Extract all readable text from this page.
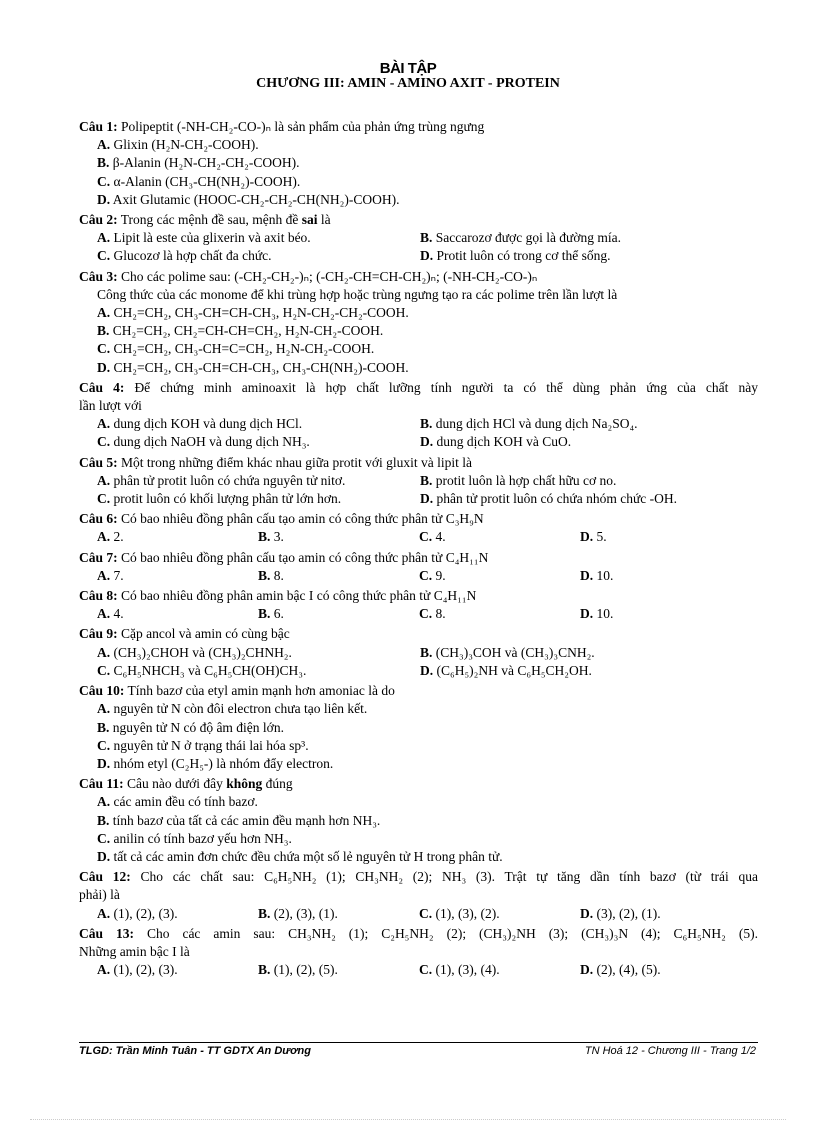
BÀI TẬP
CHƯƠNG III: AMIN - AMINO AXIT - PROTEIN
Câu 1: Polipeptit (-NH-CH₂-CO-)ₙ là sản phẩm của phản ứng trùng ngưng
A. Glixin (H₂N-CH₂-COOH).
B. β-Alanin (H₂N-CH₂-CH₂-COOH).
C. α-Alanin (CH₃-CH(NH₂)-COOH).
D. Axit Glutamic (HOOC-CH₂-CH₂-CH(NH₂)-COOH).
Câu 2: Trong các mệnh đề sau, mệnh đề sai là
A. Lipit là este của glixerin và axit béo.	B. Saccarozơ được gọi là đường mía.
C. Glucozơ là hợp chất đa chức.	D. Protit luôn có trong cơ thể sống.
Câu 3: Cho các polime sau: (-CH₂-CH₂-)ₙ; (-CH₂-CH=CH-CH₂)ₙ; (-NH-CH₂-CO-)ₙ
Công thức của các monome để khi trùng hợp hoặc trùng ngưng tạo ra các polime trên lần lượt là
A. CH₂=CH₂, CH₃-CH=CH-CH₃, H₂N-CH₂-CH₂-COOH.
B. CH₂=CH₂, CH₂=CH-CH=CH₂, H₂N-CH₂-COOH.
C. CH₂=CH₂, CH₃-CH=C=CH₂, H₂N-CH₂-COOH.
D. CH₂=CH₂, CH₃-CH=CH-CH₃, CH₃-CH(NH₂)-COOH.
Câu 4: Để chứng minh aminoaxit là hợp chất lưỡng tính người ta có thể dùng phản ứng của chất này
lần lượt với
A. dung dịch KOH và dung dịch HCl.	B. dung dịch HCl và dung dịch Na₂SO₄.
C. dung dịch NaOH và dung dịch NH₃.	D. dung dịch KOH và CuO.
Câu 5: Một trong những điểm khác nhau giữa protit với gluxit và lipit là
A. phân tử protit luôn có chứa nguyên tử nitơ.	B. protit luôn là hợp chất hữu cơ no.
C. protit luôn có khối lượng phân tử lớn hơn.	D. phân tử protit luôn có chứa nhóm chức -OH.
Câu 6: Có bao nhiêu đồng phân cấu tạo amin có công thức phân tử C₃H₉N
A. 2.	B. 3.	C. 4.	D. 5.
Câu 7: Có bao nhiêu đồng phân cấu tạo amin có công thức phân tử C₄H₁₁N
A. 7.	B. 8.	C. 9.	D. 10.
Câu 8: Có bao nhiêu đồng phân amin bậc I có công thức phân tử C₄H₁₁N
A. 4.	B. 6.	C. 8.	D. 10.
Câu 9: Cặp ancol và amin có cùng bậc
A. (CH₃)₂CHOH và (CH₃)₂CHNH₂.	B. (CH₃)₃COH và (CH₃)₃CNH₂.
C. C₆H₅NHCH₃ và C₆H₅CH(OH)CH₃.	D. (C₆H₅)₂NH và C₆H₅CH₂OH.
Câu 10: Tính bazơ của etyl amin mạnh hơn amoniac là do
A. nguyên tử N còn đôi electron chưa tạo liên kết.
B. nguyên tử N có độ âm điện lớn.
C. nguyên tử N ở trạng thái lai hóa sp³.
D. nhóm etyl (C₂H₅-) là nhóm đẩy electron.
Câu 11: Câu nào dưới đây không đúng
A. các amin đều có tính bazơ.
B. tính bazơ của tất cả các amin đều mạnh hơn NH₃.
C. anilin có tính bazơ yếu hơn NH₃.
D. tất cả các amin đơn chức đều chứa một số lẻ nguyên tử H trong phân tử.
Câu 12: Cho các chất sau: C₆H₅NH₂ (1); CH₃NH₂ (2); NH₃ (3). Trật tự tăng dần tính bazơ (từ trái qua
phải) là
A. (1), (2), (3).	B. (2), (3), (1).	C. (1), (3), (2).	D. (3), (2), (1).
Câu 13: Cho các amin sau: CH₃NH₂ (1); C₂H₅NH₂ (2); (CH₃)₂NH (3); (CH₃)₃N (4); C₆H₅NH₂ (5).
Những amin bậc I là
A. (1), (2), (3).	B. (1), (2), (5).	C. (1), (3), (4).	D. (2), (4), (5).
TLGD: Trần Minh Tuân - TT GDTX An Dương	TN Hoá 12 - Chương III - Trang 1/2
